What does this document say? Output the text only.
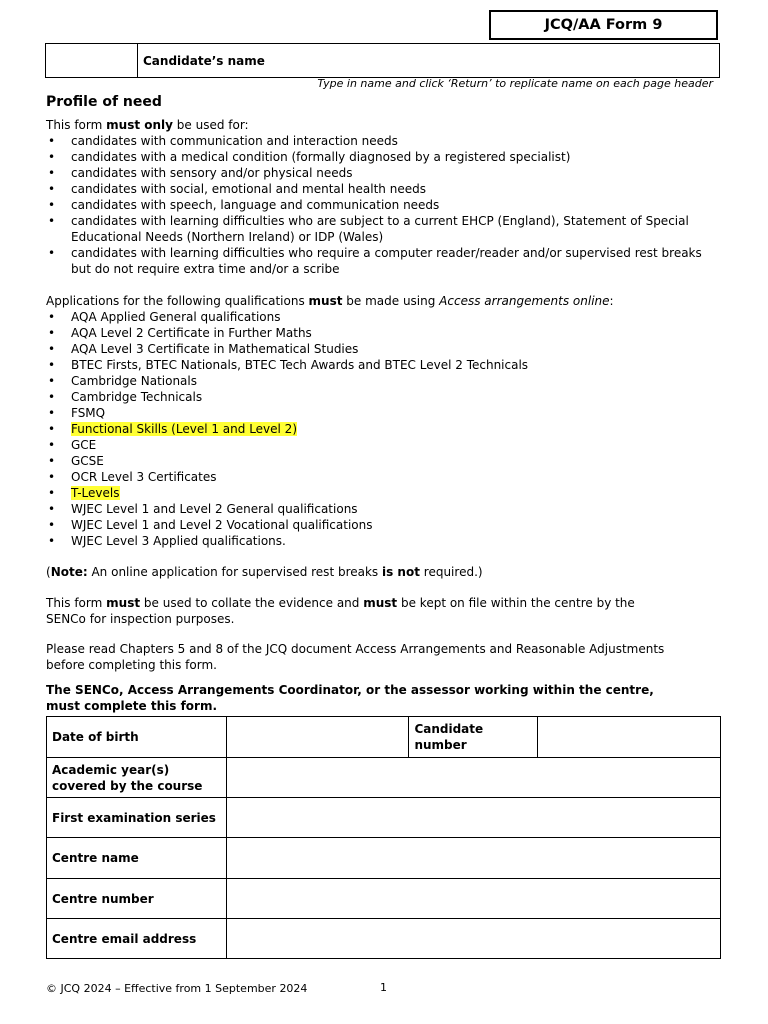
JCQ/AA Form 9
Candidate’s name
Type in name and click ‘Return’ to replicate name on each page header
Profile of need
This form must only be used for:
• candidates with communication and interaction needs
• candidates with a medical condition (formally diagnosed by a registered specialist)
• candidates with sensory and/or physical needs
• candidates with social, emotional and mental health needs
• candidates with speech, language and communication needs
• candidates with learning difficulties who are subject to a current EHCP (England), Statement of Special Educational Needs (Northern Ireland) or IDP (Wales)
• candidates with learning difficulties who require a computer reader/reader and/or supervised rest breaks but do not require extra time and/or a scribe
Applications for the following qualifications must be made using Access arrangements online:
• AQA Applied General qualifications
• AQA Level 2 Certificate in Further Maths
• AQA Level 3 Certificate in Mathematical Studies
• BTEC Firsts, BTEC Nationals, BTEC Tech Awards and BTEC Level 2 Technicals
• Cambridge Nationals
• Cambridge Technicals
• FSMQ
• Functional Skills (Level 1 and Level 2)
• GCE
• GCSE
• OCR Level 3 Certificates
• T-Levels
• WJEC Level 1 and Level 2 General qualifications
• WJEC Level 1 and Level 2 Vocational qualifications
• WJEC Level 3 Applied qualifications.
(Note: An online application for supervised rest breaks is not required.)
This form must be used to collate the evidence and must be kept on file within the centre by the SENCo for inspection purposes.
Please read Chapters 5 and 8 of the JCQ document Access Arrangements and Reasonable Adjustments before completing this form.
The SENCo, Access Arrangements Coordinator, or the assessor working within the centre, must complete this form.
Date of birth		Candidate number	
Academic year(s) covered by the course			
First examination series			
Centre name			
Centre number			
Centre email address			
© JCQ 2024 – Effective from 1 September 2024	1
